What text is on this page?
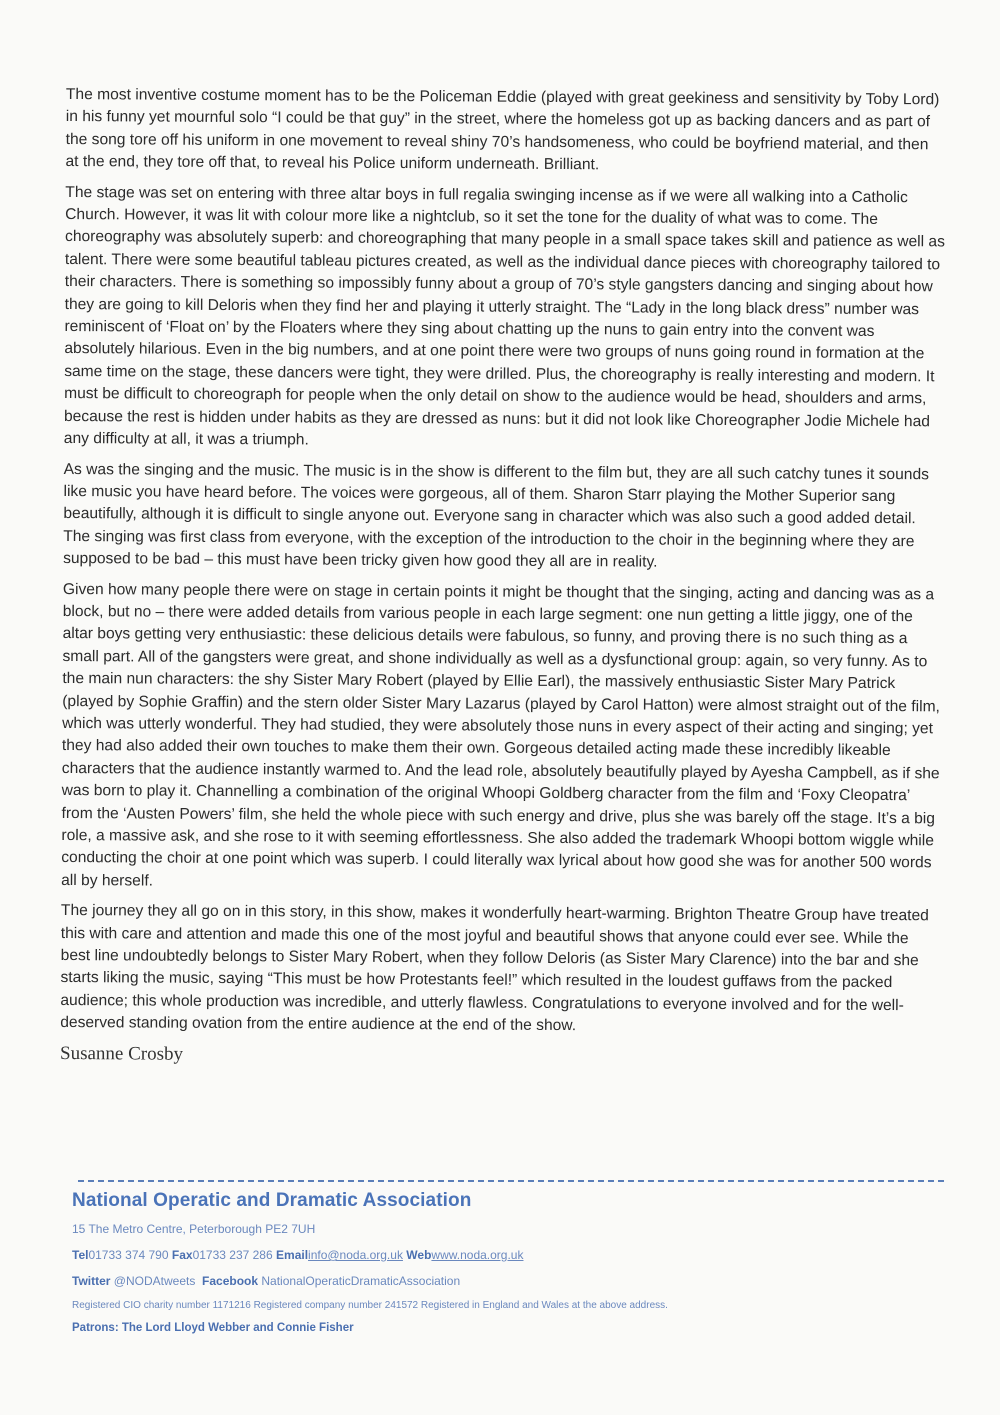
The most inventive costume moment has to be the Policeman Eddie (played with great geekiness and sensitivity by Toby Lord) in his funny yet mournful solo “I could be that guy” in the street, where the homeless got up as backing dancers and as part of the song tore off his uniform in one movement to reveal shiny 70’s handsomeness, who could be boyfriend material, and then at the end, they tore off that, to reveal his Police uniform underneath. Brilliant.

The stage was set on entering with three altar boys in full regalia swinging incense as if we were all walking into a Catholic Church. However, it was lit with colour more like a nightclub, so it set the tone for the duality of what was to come. The choreography was absolutely superb: and choreographing that many people in a small space takes skill and patience as well as talent. There were some beautiful tableau pictures created, as well as the individual dance pieces with choreography tailored to their characters. There is something so impossibly funny about a group of 70’s style gangsters dancing and singing about how they are going to kill Deloris when they find her and playing it utterly straight. The “Lady in the long black dress” number was reminiscent of ‘Float on’ by the Floaters where they sing about chatting up the nuns to gain entry into the convent was absolutely hilarious. Even in the big numbers, and at one point there were two groups of nuns going round in formation at the same time on the stage, these dancers were tight, they were drilled. Plus, the choreography is really interesting and modern. It must be difficult to choreograph for people when the only detail on show to the audience would be head, shoulders and arms, because the rest is hidden under habits as they are dressed as nuns: but it did not look like Choreographer Jodie Michele had any difficulty at all, it was a triumph.

As was the singing and the music. The music is in the show is different to the film but, they are all such catchy tunes it sounds like music you have heard before. The voices were gorgeous, all of them. Sharon Starr playing the Mother Superior sang beautifully, although it is difficult to single anyone out. Everyone sang in character which was also such a good added detail. The singing was first class from everyone, with the exception of the introduction to the choir in the beginning where they are supposed to be bad – this must have been tricky given how good they all are in reality.

Given how many people there were on stage in certain points it might be thought that the singing, acting and dancing was as a block, but no – there were added details from various people in each large segment: one nun getting a little jiggy, one of the altar boys getting very enthusiastic: these delicious details were fabulous, so funny, and proving there is no such thing as a small part. All of the gangsters were great, and shone individually as well as a dysfunctional group: again, so very funny. As to the main nun characters: the shy Sister Mary Robert (played by Ellie Earl), the massively enthusiastic Sister Mary Patrick (played by Sophie Graffin) and the stern older Sister Mary Lazarus (played by Carol Hatton) were almost straight out of the film, which was utterly wonderful. They had studied, they were absolutely those nuns in every aspect of their acting and singing; yet they had also added their own touches to make them their own. Gorgeous detailed acting made these incredibly likeable characters that the audience instantly warmed to. And the lead role, absolutely beautifully played by Ayesha Campbell, as if she was born to play it. Channelling a combination of the original Whoopi Goldberg character from the film and ‘Foxy Cleopatra’ from the ‘Austen Powers’ film, she held the whole piece with such energy and drive, plus she was barely off the stage. It’s a big role, a massive ask, and she rose to it with seeming effortlessness. She also added the trademark Whoopi bottom wiggle while conducting the choir at one point which was superb. I could literally wax lyrical about how good she was for another 500 words all by herself.

The journey they all go on in this story, in this show, makes it wonderfully heart-warming. Brighton Theatre Group have treated this with care and attention and made this one of the most joyful and beautiful shows that anyone could ever see. While the best line undoubtedly belongs to Sister Mary Robert, when they follow Deloris (as Sister Mary Clarence) into the bar and she starts liking the music, saying “This must be how Protestants feel!” which resulted in the loudest guffaws from the packed audience; this whole production was incredible, and utterly flawless. Congratulations to everyone involved and for the well-deserved standing ovation from the entire audience at the end of the show.

Susanne Crosby
National Operatic and Dramatic Association
15 The Metro Centre, Peterborough PE2 7UH
Tel01733 374 790 Fax01733 237 286 Emailinfo@noda.org.uk Webwww.noda.org.uk
Twitter @NODAtweets Facebook NationalOperaticDramaticAssociation
Registered CIO charity number 1171216 Registered company number 241572 Registered in England and Wales at the above address.
Patrons: The Lord Lloyd Webber and Connie Fisher
